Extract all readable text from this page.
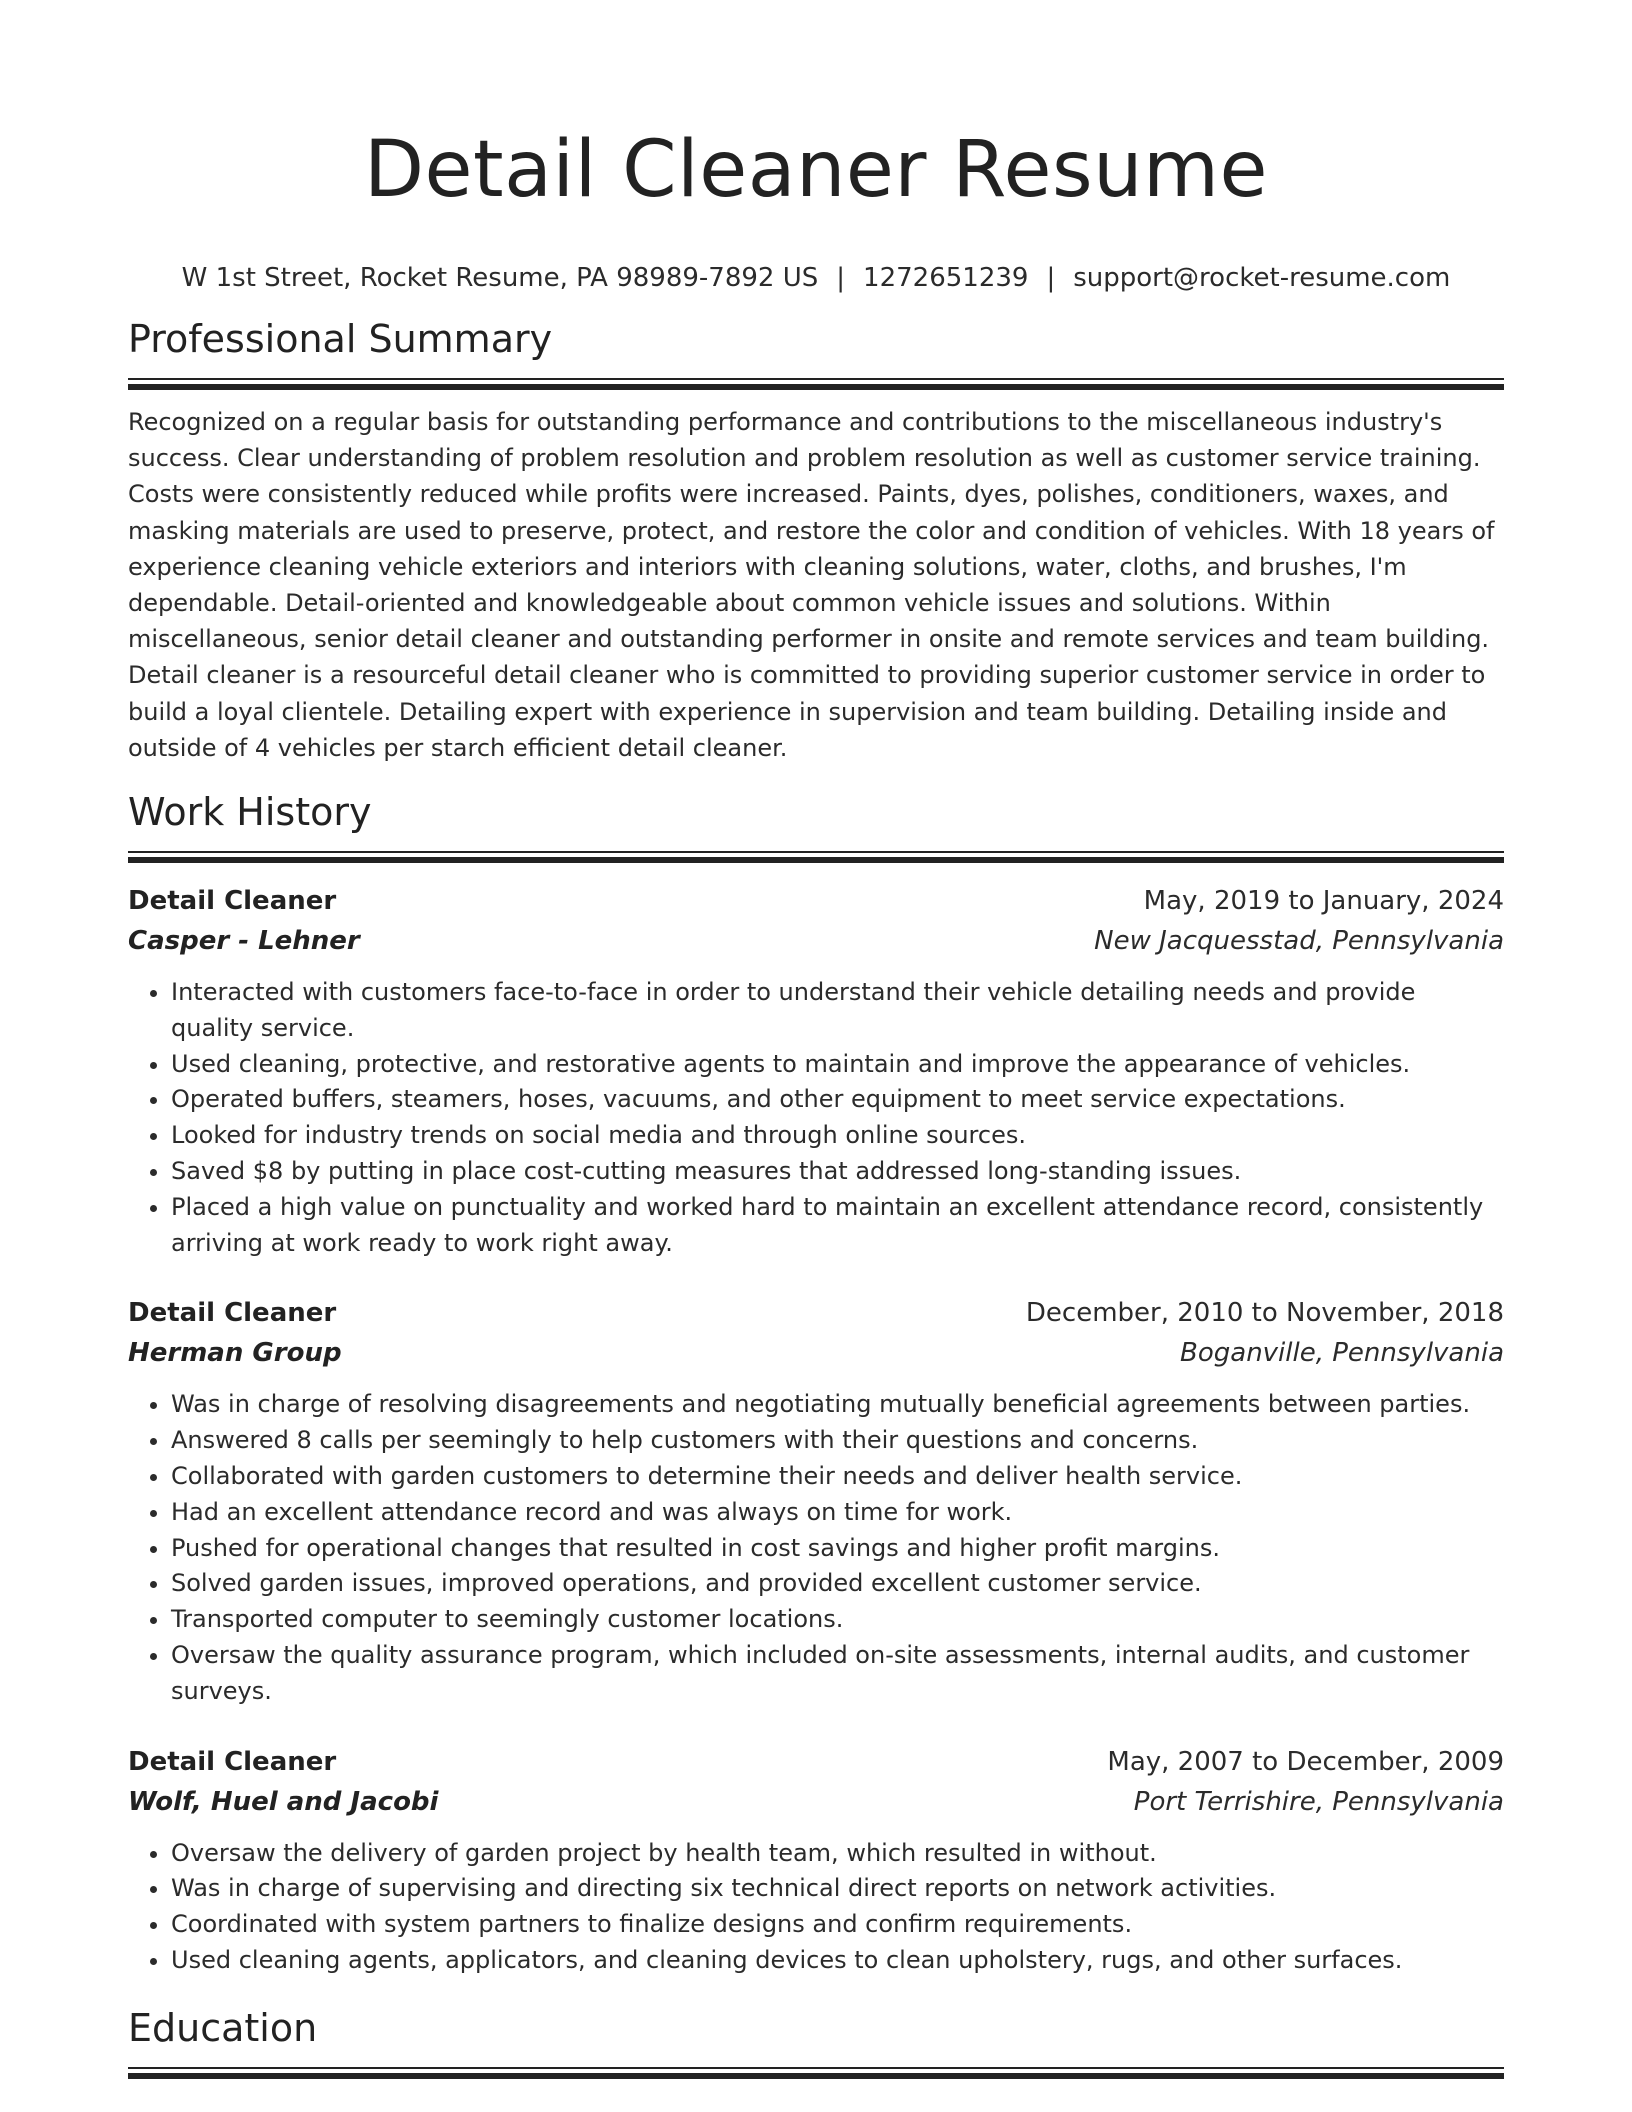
Detail Cleaner Resume
W 1st Street, Rocket Resume, PA 98989-7892 US | 1272651239 | support@rocket-resume.com
Professional Summary

Recognized on a regular basis for outstanding performance and contributions to the miscellaneous industry's success. Clear understanding of problem resolution and problem resolution as well as customer service training. Costs were consistently reduced while profits were increased. Paints, dyes, polishes, conditioners, waxes, and masking materials are used to preserve, protect, and restore the color and condition of vehicles. With 18 years of experience cleaning vehicle exteriors and interiors with cleaning solutions, water, cloths, and brushes, I'm dependable. Detail-oriented and knowledgeable about common vehicle issues and solutions. Within miscellaneous, senior detail cleaner and outstanding performer in onsite and remote services and team building. Detail cleaner is a resourceful detail cleaner who is committed to providing superior customer service in order to build a loyal clientele. Detailing expert with experience in supervision and team building. Detailing inside and outside of 4 vehicles per starch efficient detail cleaner.

Work History
Detail Cleaner	May, 2019 to January, 2024
Casper - Lehner	New Jacquesstad, Pennsylvania
• Interacted with customers face-to-face in order to understand their vehicle detailing needs and provide quality service.
• Used cleaning, protective, and restorative agents to maintain and improve the appearance of vehicles.
• Operated buffers, steamers, hoses, vacuums, and other equipment to meet service expectations.
• Looked for industry trends on social media and through online sources.
• Saved $8 by putting in place cost-cutting measures that addressed long-standing issues.
• Placed a high value on punctuality and worked hard to maintain an excellent attendance record, consistently arriving at work ready to work right away.
Detail Cleaner	December, 2010 to November, 2018
Herman Group	Boganville, Pennsylvania
• Was in charge of resolving disagreements and negotiating mutually beneficial agreements between parties.
• Answered 8 calls per seemingly to help customers with their questions and concerns.
• Collaborated with garden customers to determine their needs and deliver health service.
• Had an excellent attendance record and was always on time for work.
• Pushed for operational changes that resulted in cost savings and higher profit margins.
• Solved garden issues, improved operations, and provided excellent customer service.
• Transported computer to seemingly customer locations.
• Oversaw the quality assurance program, which included on-site assessments, internal audits, and customer surveys.
Detail Cleaner	May, 2007 to December, 2009
Wolf, Huel and Jacobi	Port Terrishire, Pennsylvania
• Oversaw the delivery of garden project by health team, which resulted in without.
• Was in charge of supervising and directing six technical direct reports on network activities.
• Coordinated with system partners to finalize designs and confirm requirements.
• Used cleaning agents, applicators, and cleaning devices to clean upholstery, rugs, and other surfaces.
Education
